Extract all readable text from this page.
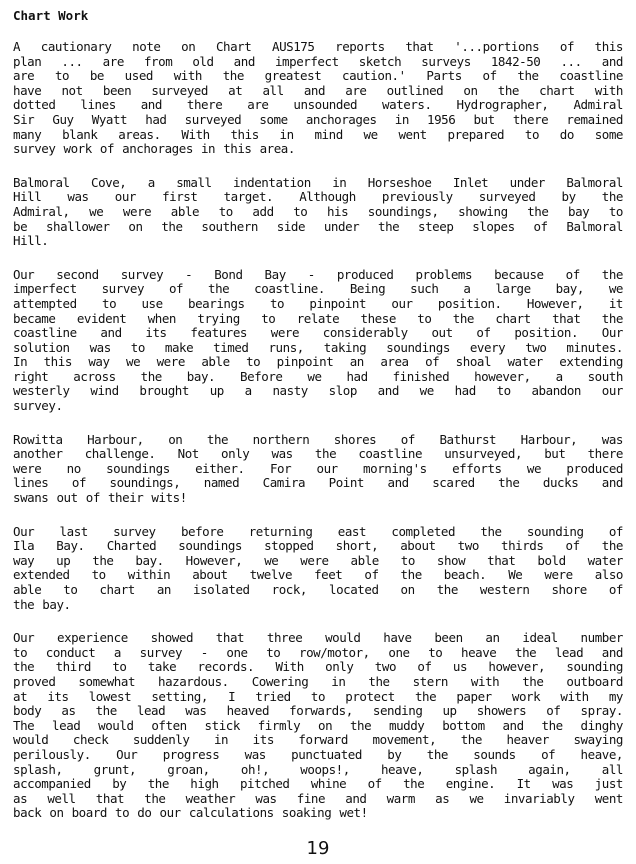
Chart Work
A cautionary note on Chart AUS175 reports that '...portions of this
plan ... are from old and imperfect sketch surveys 1842-50 ... and
are to be used with the greatest caution.' Parts of the coastline
have not been surveyed at all and are outlined on the chart with
dotted lines and there are unsounded waters. Hydrographer, Admiral
Sir Guy Wyatt had surveyed some anchorages in 1956 but there remained
many blank areas. With this in mind we went prepared to do some
survey work of anchorages in this area.
Balmoral Cove, a small indentation in Horseshoe Inlet under Balmoral
Hill was our first target. Although previously surveyed by the
Admiral, we were able to add to his soundings, showing the bay to
be shallower on the southern side under the steep slopes of Balmoral
Hill.
Our second survey - Bond Bay - produced problems because of the
imperfect survey of the coastline. Being such a large bay, we
attempted to use bearings to pinpoint our position. However, it
became evident when trying to relate these to the chart that the
coastline and its features were considerably out of position. Our
solution was to make timed runs, taking soundings every two minutes.
In this way we were able to pinpoint an area of shoal water extending
right across the bay. Before we had finished however, a south
westerly wind brought up a nasty slop and we had to abandon our
survey.
Rowitta Harbour, on the northern shores of Bathurst Harbour, was
another challenge. Not only was the coastline unsurveyed, but there
were no soundings either. For our morning's efforts we produced
lines of soundings, named Camira Point and scared the ducks and
swans out of their wits!
Our last survey before returning east completed the sounding of
Ila Bay. Charted soundings stopped short, about two thirds of the
way up the bay. However, we were able to show that bold water
extended to within about twelve feet of the beach. We were also
able to chart an isolated rock, located on the western shore of
the bay.
Our experience showed that three would have been an ideal number
to conduct a survey - one to row/motor, one to heave the lead and
the third to take records. With only two of us however, sounding
proved somewhat hazardous. Cowering in the stern with the outboard
at its lowest setting, I tried to protect the paper work with my
body as the lead was heaved forwards, sending up showers of spray.
The lead would often stick firmly on the muddy bottom and the dinghy
would check suddenly in its forward movement, the heaver swaying
perilously. Our progress was punctuated by the sounds of heave,
splash, grunt, groan, oh!, woops!, heave, splash again, all
accompanied by the high pitched whine of the engine. It was just
as well that the weather was fine and warm as we invariably went
back on board to do our calculations soaking wet!
19
